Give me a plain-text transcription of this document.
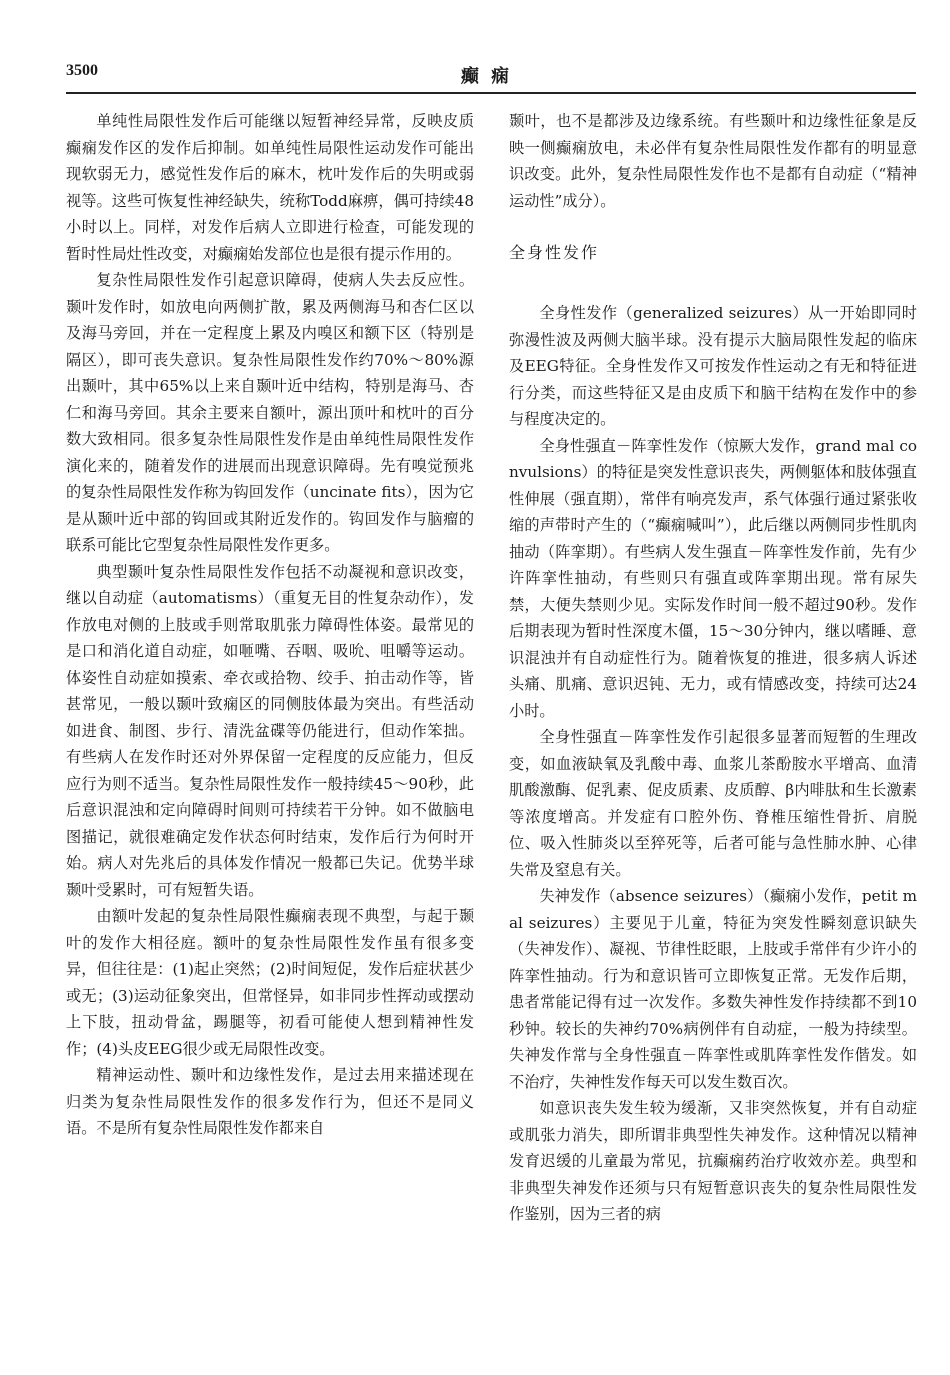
癫痫
3500

单纯性局限性发作后可能继以短暂神经异常，反映皮质癫痫发作区的发作后抑制。如单纯性局限性运动发作可能出现软弱无力，感觉性发作后的麻木，枕叶发作后的失明或弱视等。这些可恢复性神经缺失，统称Todd麻痹，偶可持续48小时以上。同样，对发作后病人立即进行检查，可能发现的暂时性局灶性改变，对癫痫始发部位也是很有提示作用的。

复杂性局限性发作引起意识障碍，使病人失去反应性。颞叶发作时，如放电向两侧扩散，累及两侧海马和杏仁区以及海马旁回，并在一定程度上累及内嗅区和额下区（特别是隔区），即可丧失意识。复杂性局限性发作约70%～80%源出颞叶，其中65%以上来自颞叶近中结构，特别是海马、杏仁和海马旁回。其余主要来自额叶，源出顶叶和枕叶的百分数大致相同。很多复杂性局限性发作是由单纯性局限性发作演化来的，随着发作的进展而出现意识障碍。先有嗅觉预兆的复杂性局限性发作称为钩回发作（uncinate fits），因为它是从颞叶近中部的钩回或其附近发作的。钩回发作与脑瘤的联系可能比它型复杂性局限性发作更多。

典型颞叶复杂性局限性发作包括不动凝视和意识改变，继以自动症（automatisms）（重复无目的性复杂动作），发作放电对侧的上肢或手则常取肌张力障碍性体姿。最常见的是口和消化道自动症，如咂嘴、吞咽、吸吮、咀嚼等运动。体姿性自动症如摸索、牵衣或拾物、绞手、拍击动作等，皆甚常见，一般以颞叶致痫区的同侧肢体最为突出。有些活动如进食、制图、步行、清洗盆碟等仍能进行，但动作笨拙。有些病人在发作时还对外界保留一定程度的反应能力，但反应行为则不适当。复杂性局限性发作一般持续45～90秒，此后意识混浊和定向障碍时间则可持续若干分钟。如不做脑电图描记，就很难确定发作状态何时结束，发作后行为何时开始。病人对先兆后的具体发作情况一般都已失记。优势半球颞叶受累时，可有短暂失语。

由额叶发起的复杂性局限性癫痫表现不典型，与起于颞叶的发作大相径庭。额叶的复杂性局限性发作虽有很多变异，但往往是：(1)起止突然；(2)时间短促，发作后症状甚少或无；(3)运动征象突出，但常怪异，如非同步性挥动或摆动上下肢，扭动骨盆，踢腿等，初看可能使人想到精神性发作；(4)头皮EEG很少或无局限性改变。

精神运动性、颞叶和边缘性发作，是过去用来描述现在归类为复杂性局限性发作的很多发作行为，但还不是同义语。不是所有复杂性局限性发作都来自

颞叶，也不是都涉及边缘系统。有些颞叶和边缘性征象是反映一侧癫痫放电，未必伴有复杂性局限性发作都有的明显意识改变。此外，复杂性局限性发作也不是都有自动症（“精神运动性”成分）。

全身性发作

全身性发作（generalized seizures）从一开始即同时弥漫性波及两侧大脑半球。没有提示大脑局限性发起的临床及EEG特征。全身性发作又可按发作性运动之有无和特征进行分类，而这些特征又是由皮质下和脑干结构在发作中的参与程度决定的。

全身性强直－阵挛性发作（惊厥大发作，grand mal convulsions）的特征是突发性意识丧失，两侧躯体和肢体强直性伸展（强直期），常伴有响亮发声，系气体强行通过紧张收缩的声带时产生的（“癫痫喊叫”），此后继以两侧同步性肌肉抽动（阵挛期）。有些病人发生强直－阵挛性发作前，先有少许阵挛性抽动，有些则只有强直或阵挛期出现。常有尿失禁，大便失禁则少见。实际发作时间一般不超过90秒。发作后期表现为暂时性深度木僵，15～30分钟内，继以嗜睡、意识混浊并有自动症性行为。随着恢复的推进，很多病人诉述头痛、肌痛、意识迟钝、无力，或有情感改变，持续可达24小时。

全身性强直－阵挛性发作引起很多显著而短暂的生理改变，如血液缺氧及乳酸中毒、血浆儿茶酚胺水平增高、血清肌酸激酶、促乳素、促皮质素、皮质醇、β内啡肽和生长激素等浓度增高。并发症有口腔外伤、脊椎压缩性骨折、肩脱位、吸入性肺炎以至猝死等，后者可能与急性肺水肿、心律失常及窒息有关。

失神发作（absence seizures）（癫痫小发作，petit mal seizures）主要见于儿童，特征为突发性瞬刻意识缺失（失神发作）、凝视、节律性眨眼，上肢或手常伴有少许小的阵挛性抽动。行为和意识皆可立即恢复正常。无发作后期，患者常能记得有过一次发作。多数失神性发作持续都不到10秒钟。较长的失神约70%病例伴有自动症，一般为持续型。失神发作常与全身性强直－阵挛性或肌阵挛性发作偕发。如不治疗，失神性发作每天可以发生数百次。

如意识丧失发生较为缓渐，又非突然恢复，并有自动症或肌张力消失，即所谓非典型性失神发作。这种情况以精神发育迟缓的儿童最为常见，抗癫痫药治疗收效亦差。典型和非典型失神发作还须与只有短暂意识丧失的复杂性局限性发作鉴别，因为三者的病
